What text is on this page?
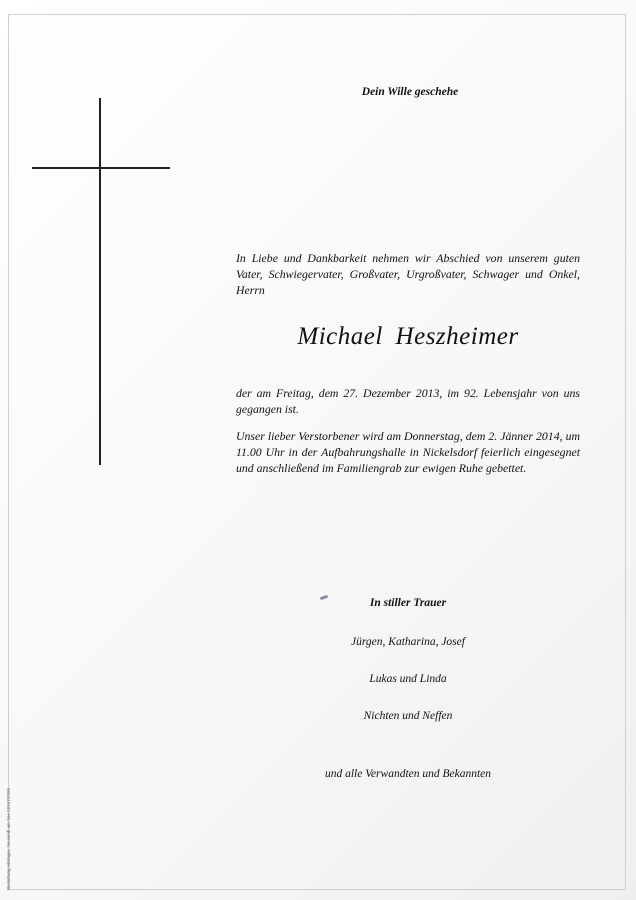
Dein Wille geschehe
In Liebe und Dankbarkeit nehmen wir Abschied von unserem guten Vater, Schwiegervater, Großvater, Urgroßvater, Schwager und Onkel, Herrn
Michael Heszheimer
der am Freitag, dem 27. Dezember 2013, im 92. Lebensjahr von uns gegangen ist.
Unser lieber Verstorbener wird am Donnerstag, dem 2. Jänner 2014, um 11.00 Uhr in der Aufbahrungshalle in Nickelsdorf feierlich eingesegnet und anschließend im Familiengrab zur ewigen Ruhe gebettet.
In stiller Trauer
Jürgen, Katharina, Josef
Lukas und Linda
Nichten und Neffen
und alle Verwandten und Bekannten
Bestattung Hitzinger, Neusiedl am See 02167/2395
